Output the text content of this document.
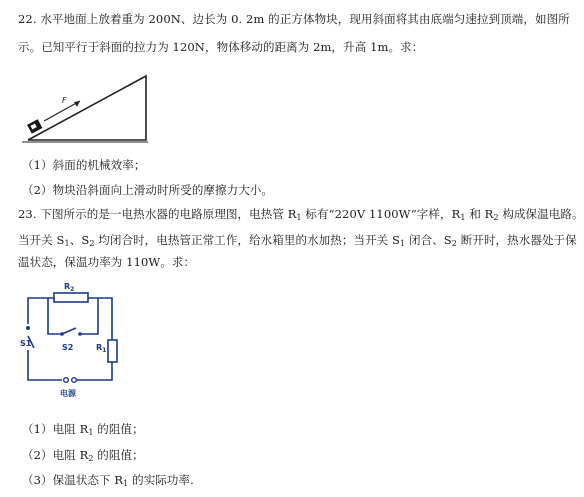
22. 水平地面上放着重为 200N、边长为 0. 2m 的正方体物块，现用斜面将其由底端匀速拉到顶端，如图所
示。已知平行于斜面的拉力为 120N，物体移动的距离为 2m，升高 1m。求：
F
（1）斜面的机械效率；
（2）物块沿斜面向上滑动时所受的摩擦力大小。
23. 下图所示的是一电热水器的电路原理图，电热管 $R_1$ 标有“220V 1100W”字样，$R_1$ 和 $R_2$ 构成保温电路。
当开关 $S_1$、$S_2$ 均闭合时，电热管正常工作，给水箱里的水加热；当开关 $S_1$ 闭合、$S_2$ 断开时，热水器处于保
温状态，保温功率为 110W。求：
$R_2$
S1	S2	$R_1$
电源
（1）电阻 $R_1$ 的阻值；
（2）电阻 $R_2$ 的阻值；
（3）保温状态下 $R_1$ 的实际功率.
